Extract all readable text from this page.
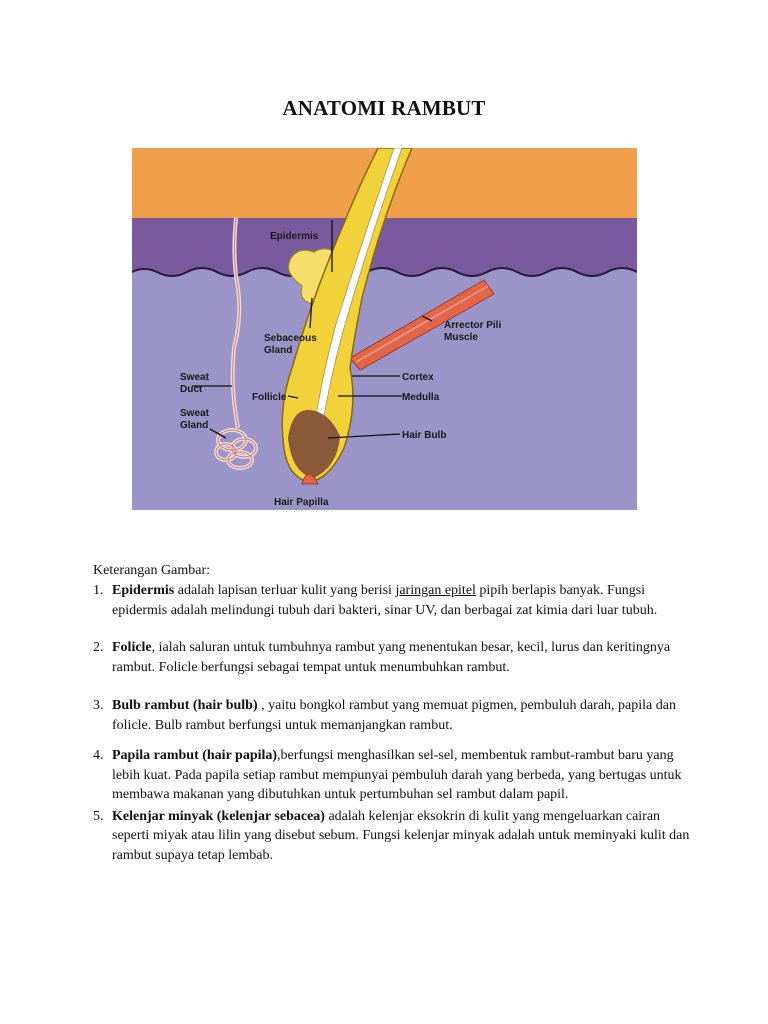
ANATOMI RAMBUT
Epidermis
Sebaceous
Gland
Arrector Pili
Muscle
Sweat
Duct
Sweat
Gland
Follicle
Cortex
Medulla
Hair Bulb
Hair Papilla
Keterangan Gambar:
1. Epidermis adalah lapisan terluar kulit yang berisi jaringan epitel pipih berlapis banyak. Fungsi epidermis adalah melindungi tubuh dari bakteri, sinar UV, dan berbagai zat kimia dari luar tubuh.
2. Folicle, ialah saluran untuk tumbuhnya rambut yang menentukan besar, kecil, lurus dan keritingnya rambut. Folicle berfungsi sebagai tempat untuk menumbuhkan rambut.
3. Bulb rambut (hair bulb) , yaitu bongkol rambut yang memuat pigmen, pembuluh darah, papila dan folicle. Bulb rambut berfungsi untuk memanjangkan rambut.
4. Papila rambut (hair papila),berfungsi menghasilkan sel-sel, membentuk rambut-rambut baru yang lebih kuat. Pada papila setiap rambut mempunyai pembuluh darah yang berbeda, yang bertugas untuk membawa makanan yang dibutuhkan untuk pertumbuhan sel rambut dalam papil.
5. Kelenjar minyak (kelenjar sebacea) adalah kelenjar eksokrin di kulit yang mengeluarkan cairan seperti miyak atau lilin yang disebut sebum. Fungsi kelenjar minyak adalah untuk meminyaki kulit dan rambut supaya tetap lembab.
